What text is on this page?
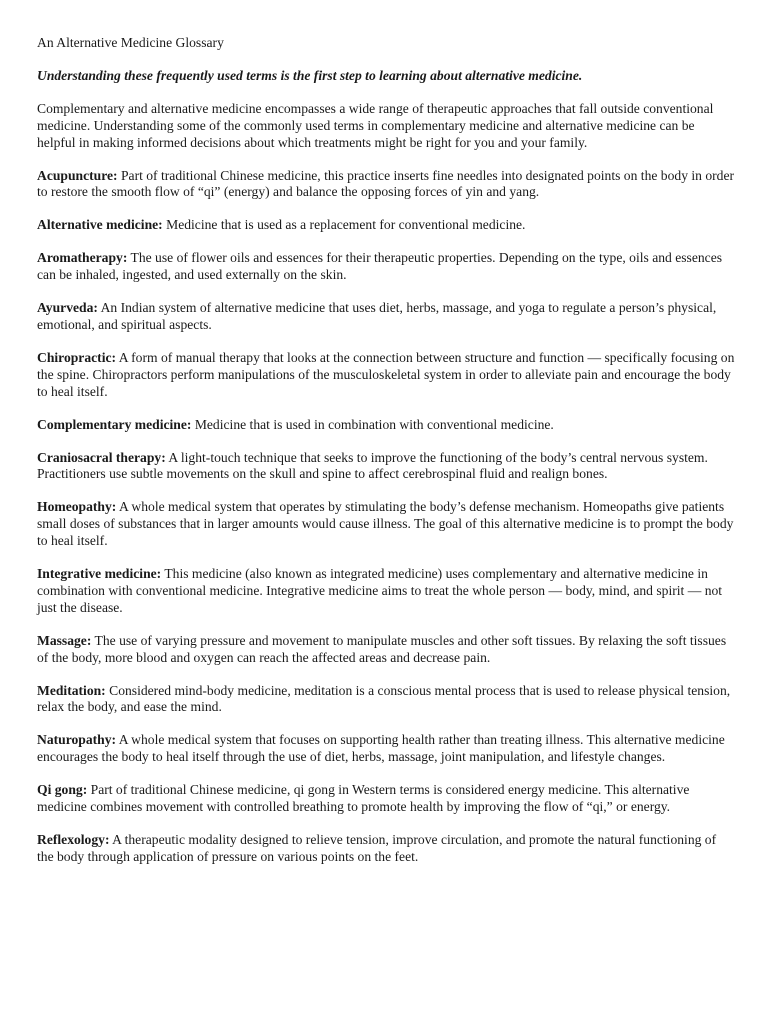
An Alternative Medicine Glossary
Understanding these frequently used terms is the first step to learning about alternative medicine.
Complementary and alternative medicine encompasses a wide range of therapeutic approaches that fall outside conventional medicine. Understanding some of the commonly used terms in complementary medicine and alternative medicine can be helpful in making informed decisions about which treatments might be right for you and your family.
Acupuncture: Part of traditional Chinese medicine, this practice inserts fine needles into designated points on the body in order to restore the smooth flow of “qi” (energy) and balance the opposing forces of yin and yang.
Alternative medicine: Medicine that is used as a replacement for conventional medicine.
Aromatherapy: The use of flower oils and essences for their therapeutic properties. Depending on the type, oils and essences can be inhaled, ingested, and used externally on the skin.
Ayurveda: An Indian system of alternative medicine that uses diet, herbs, massage, and yoga to regulate a person’s physical, emotional, and spiritual aspects.
Chiropractic: A form of manual therapy that looks at the connection between structure and function — specifically focusing on the spine. Chiropractors perform manipulations of the musculoskeletal system in order to alleviate pain and encourage the body to heal itself.
Complementary medicine: Medicine that is used in combination with conventional medicine.
Craniosacral therapy: A light-touch technique that seeks to improve the functioning of the body’s central nervous system. Practitioners use subtle movements on the skull and spine to affect cerebrospinal fluid and realign bones.
Homeopathy: A whole medical system that operates by stimulating the body’s defense mechanism. Homeopaths give patients small doses of substances that in larger amounts would cause illness. The goal of this alternative medicine is to prompt the body to heal itself.
Integrative medicine: This medicine (also known as integrated medicine) uses complementary and alternative medicine in combination with conventional medicine. Integrative medicine aims to treat the whole person — body, mind, and spirit — not just the disease.
Massage: The use of varying pressure and movement to manipulate muscles and other soft tissues. By relaxing the soft tissues of the body, more blood and oxygen can reach the affected areas and decrease pain.
Meditation: Considered mind-body medicine, meditation is a conscious mental process that is used to release physical tension, relax the body, and ease the mind.
Naturopathy: A whole medical system that focuses on supporting health rather than treating illness. This alternative medicine encourages the body to heal itself through the use of diet, herbs, massage, joint manipulation, and lifestyle changes.
Qi gong: Part of traditional Chinese medicine, qi gong in Western terms is considered energy medicine. This alternative medicine combines movement with controlled breathing to promote health by improving the flow of “qi,” or energy.
Reflexology: A therapeutic modality designed to relieve tension, improve circulation, and promote the natural functioning of the body through application of pressure on various points on the feet.
